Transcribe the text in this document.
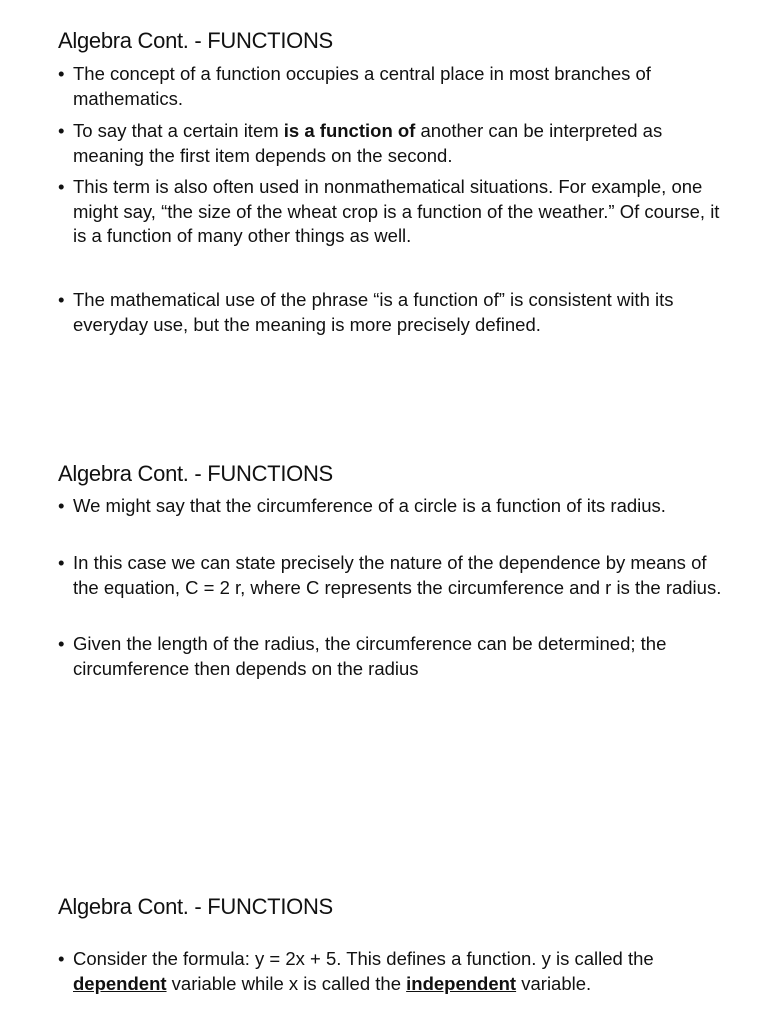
Algebra Cont. - FUNCTIONS
• The concept of a function occupies a central place in most branches of mathematics.
• To say that a certain item is a function of another can be interpreted as meaning the first item depends on the second.
• This term is also often used in nonmathematical situations. For example, one might say, “the size of the wheat crop is a function of the weather.” Of course, it is a function of many other things as well.
• The mathematical use of the phrase “is a function of” is consistent with its everyday use, but the meaning is more precisely defined.
Algebra Cont. - FUNCTIONS
• We might say that the circumference of a circle is a function of its radius.
• In this case we can state precisely the nature of the dependence by means of the equation, C = 2 r, where C represents the circumference and r is the radius.
• Given the length of the radius, the circumference can be determined; the circumference then depends on the radius
Algebra Cont. - FUNCTIONS
• Consider the formula: y = 2x + 5. This defines a function. y is called the dependent variable while x is called the independent variable.
